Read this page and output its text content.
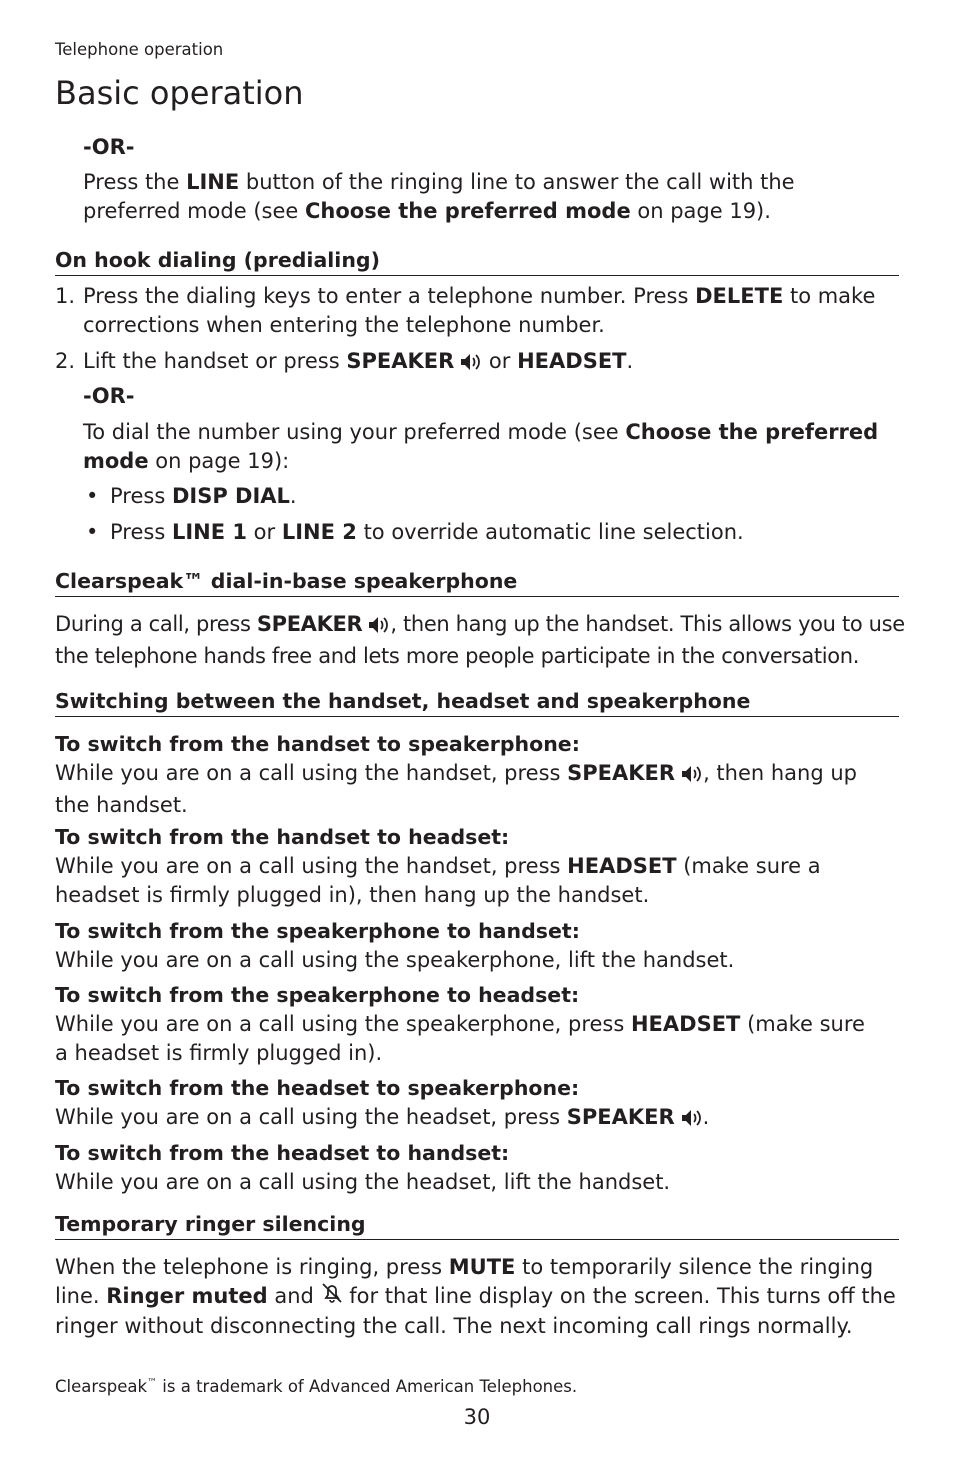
Telephone operation
Basic operation
-OR-
Press the LINE button of the ringing line to answer the call with the
preferred mode (see Choose the preferred mode on page 19).
On hook dialing (predialing)
1. Press the dialing keys to enter a telephone number. Press DELETE to make
corrections when entering the telephone number.
2. Lift the handset or press SPEAKER or HEADSET.
-OR-
To dial the number using your preferred mode (see Choose the preferred
mode on page 19):
• Press DISP DIAL.
• Press LINE 1 or LINE 2 to override automatic line selection.
Clearspeak™ dial-in-base speakerphone
During a call, press SPEAKER , then hang up the handset. This allows you to use
the telephone hands free and lets more people participate in the conversation.
Switching between the handset, headset and speakerphone
To switch from the handset to speakerphone:
While you are on a call using the handset, press SPEAKER , then hang up
the handset.
To switch from the handset to headset:
While you are on a call using the handset, press HEADSET (make sure a
headset is firmly plugged in), then hang up the handset.
To switch from the speakerphone to handset:
While you are on a call using the speakerphone, lift the handset.
To switch from the speakerphone to headset:
While you are on a call using the speakerphone, press HEADSET (make sure
a headset is firmly plugged in).
To switch from the headset to speakerphone:
While you are on a call using the headset, press SPEAKER .
To switch from the headset to handset:
While you are on a call using the headset, lift the handset.
Temporary ringer silencing
When the telephone is ringing, press MUTE to temporarily silence the ringing
line. Ringer muted and  for that line display on the screen. This turns off the
ringer without disconnecting the call. The next incoming call rings normally.
Clearspeak™ is a trademark of Advanced American Telephones.
30
